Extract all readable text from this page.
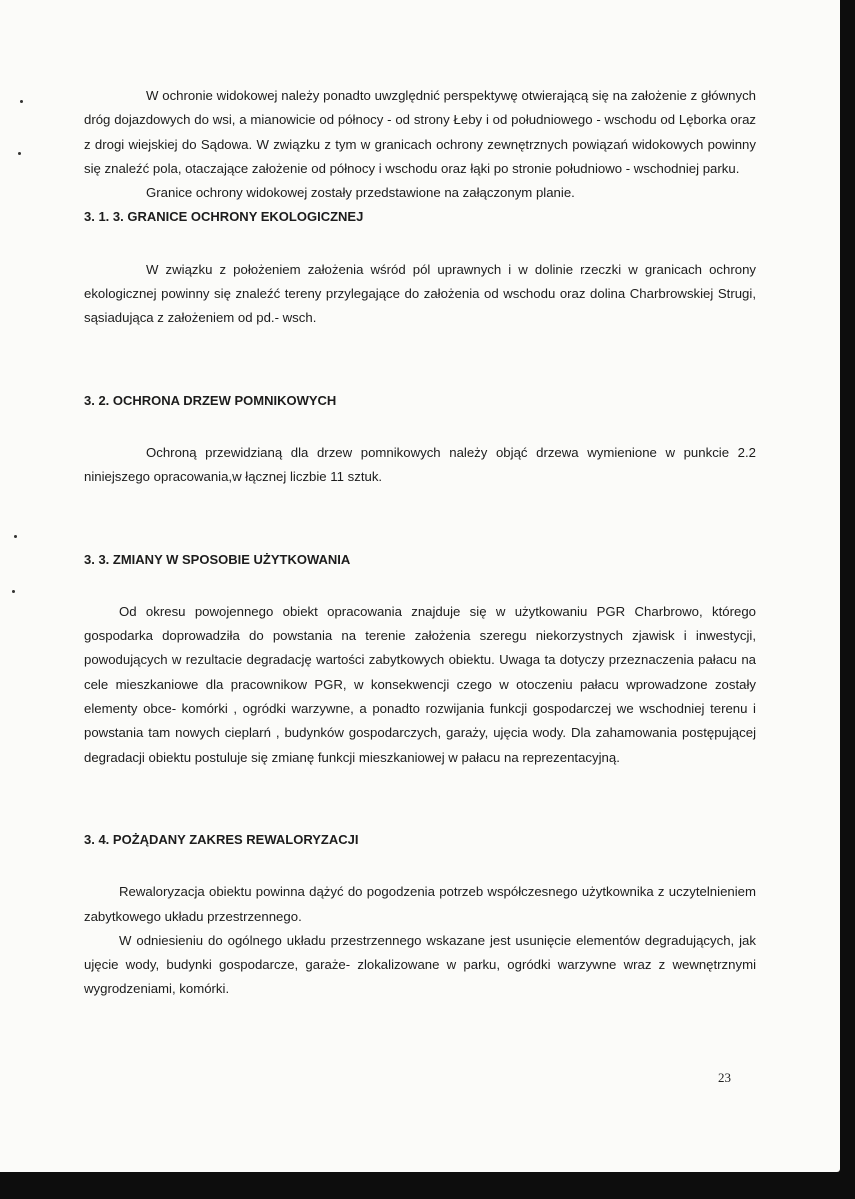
W ochronie widokowej należy ponadto uwzględnić perspektywę otwierającą się na założenie z głównych dróg dojazdowych do wsi, a mianowicie od północy - od strony Łeby i od południowego - wschodu od Lęborka oraz z drogi wiejskiej do Sądowa. W związku z tym w granicach ochrony zewnętrznych powiązań widokowych powinny się znaleźć pola, otaczające założenie od północy i wschodu oraz łąki po stronie południowo - wschodniej parku.

Granice ochrony widokowej zostały przedstawione na załączonym planie.

3. 1. 3. GRANICE OCHRONY EKOLOGICZNEJ

W związku z położeniem założenia wśród pól uprawnych i w dolinie rzeczki w granicach ochrony ekologicznej powinny się znaleźć tereny przylegające do założenia od wschodu oraz dolina Charbrowskiej Strugi, sąsiadująca z założeniem od pd.- wsch.

3. 2. OCHRONA DRZEW POMNIKOWYCH

Ochroną przewidzianą dla drzew pomnikowych należy objąć drzewa wymienione w punkcie 2.2 niniejszego opracowania,w łącznej liczbie 11 sztuk.

3. 3. ZMIANY W SPOSOBIE UŻYTKOWANIA

Od okresu powojennego obiekt opracowania znajduje się w użytkowaniu PGR Charbrowo, którego gospodarka doprowadziła do powstania na terenie założenia szeregu niekorzystnych zjawisk i inwestycji, powodujących w rezultacie degradację wartości zabytkowych obiektu. Uwaga ta dotyczy przeznaczenia pałacu na cele mieszkaniowe dla pracownikow PGR, w konsekwencji czego w otoczeniu pałacu wprowadzone zostały elementy obce- komórki , ogródki warzywne, a ponadto rozwijania funkcji gospodarczej we wschodniej terenu i powstania tam nowych cieplarń , budynków gospodarczych, garaży, ujęcia wody. Dla zahamowania postępującej degradacji obiektu postuluje się zmianę funkcji mieszkaniowej w pałacu na reprezentacyjną.

3. 4. POŻĄDANY ZAKRES REWALORYZACJI

Rewaloryzacja obiektu powinna dążyć do pogodzenia potrzeb współczesnego użytkownika z uczytelnieniem zabytkowego układu przestrzennego.

W odniesieniu do ogólnego układu przestrzennego wskazane jest usunięcie elementów degradujących, jak ujęcie wody, budynki gospodarcze, garaże- zlokalizowane w parku, ogródki warzywne wraz z wewnętrznymi wygrodzeniami, komórki.

23
